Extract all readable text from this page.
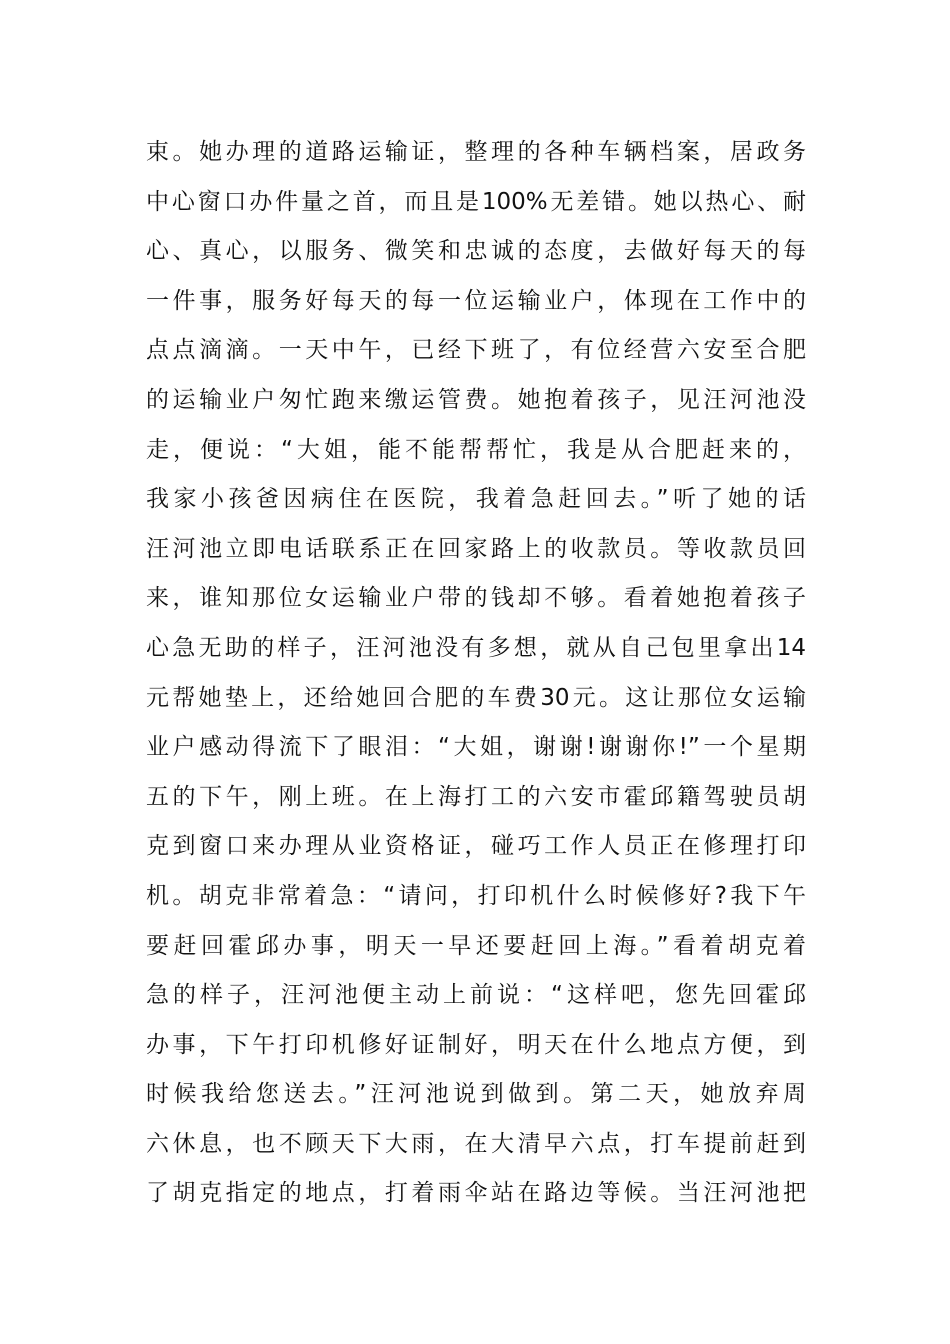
束。她办理的道路运输证，整理的各种车辆档案，居政务
中心窗口办件量之首，而且是100%无差错。她以热心、耐
心、真心，以服务、微笑和忠诚的态度，去做好每天的每
一件事，服务好每天的每一位运输业户，体现在工作中的
点点滴滴。一天中午，已经下班了，有位经营六安至合肥
的运输业户匆忙跑来缴运管费。她抱着孩子，见汪河池没
走，便说：“大姐，能不能帮帮忙，我是从合肥赶来的，
我家小孩爸因病住在医院，我着急赶回去。”听了她的话
汪河池立即电话联系正在回家路上的收款员。等收款员回
来，谁知那位女运输业户带的钱却不够。看着她抱着孩子
心急无助的样子，汪河池没有多想，就从自己包里拿出14
元帮她垫上，还给她回合肥的车费30元。这让那位女运输
业户感动得流下了眼泪：“大姐，谢谢!谢谢你!”一个星期
五的下午，刚上班。在上海打工的六安市霍邱籍驾驶员胡
克到窗口来办理从业资格证，碰巧工作人员正在修理打印
机。胡克非常着急：“请问，打印机什么时候修好?我下午
要赶回霍邱办事，明天一早还要赶回上海。”看着胡克着
急的样子，汪河池便主动上前说：“这样吧，您先回霍邱
办事，下午打印机修好证制好，明天在什么地点方便，到
时候我给您送去。”汪河池说到做到。第二天，她放弃周
六休息，也不顾天下大雨，在大清早六点，打车提前赶到
了胡克指定的地点，打着雨伞站在路边等候。当汪河池把
